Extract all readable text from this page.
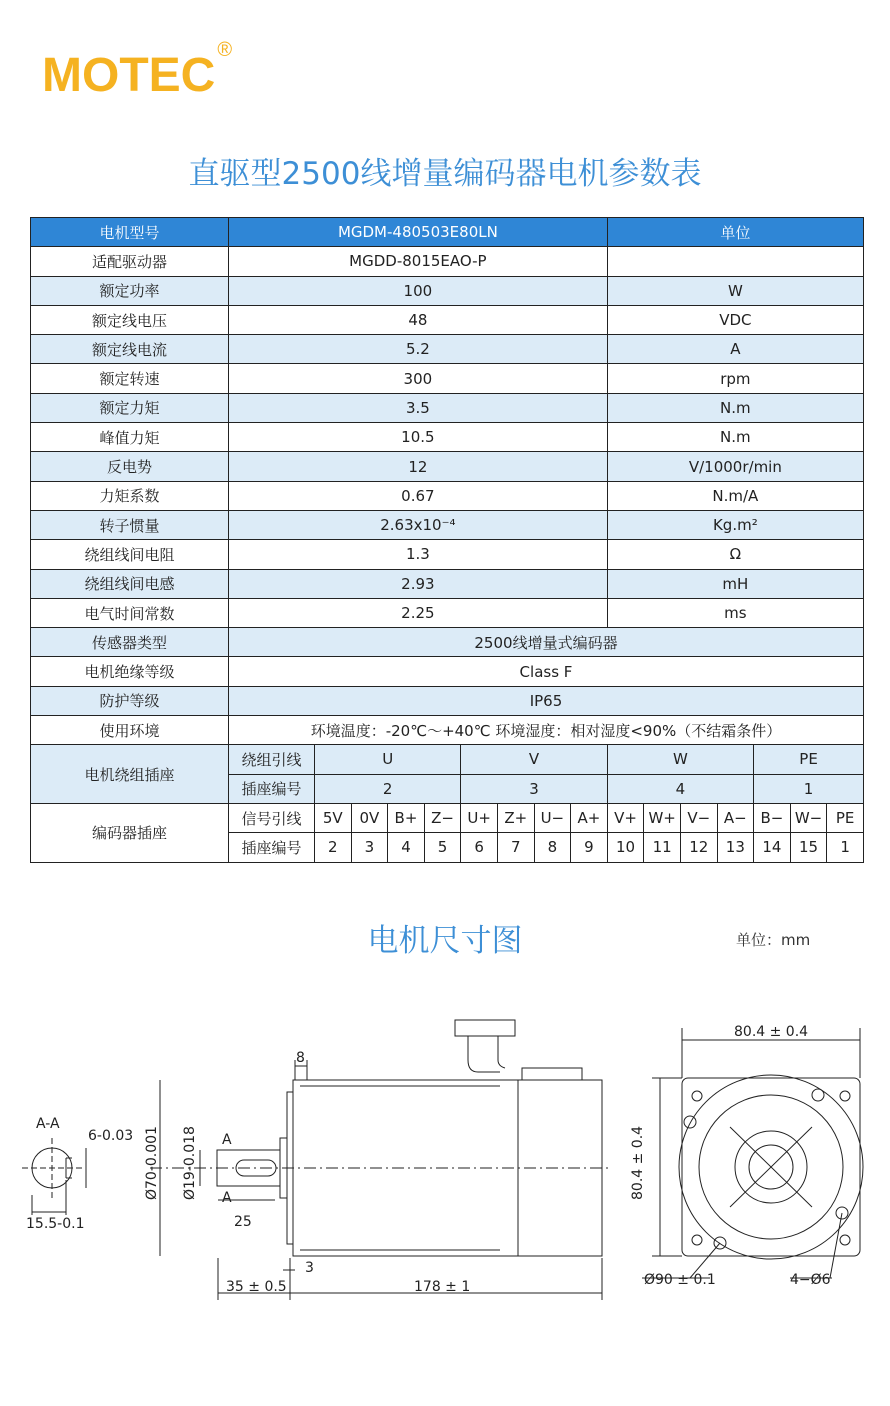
MOTEC ®
直驱型2500线增量编码器电机参数表
电机型号	MGDM-480503E80LN									单位						
适配驱动器	MGDD-8015EAO-P															
额定功率	100									W						
额定线电压	48									VDC						
额定线电流	5.2									A						
额定转速	300									rpm						
额定力矩	3.5									N.m						
峰值力矩	10.5									N.m						
反电势	12									V/1000r/min						
力矩系数	0.67									N.m/A						
转子惯量	2.63x10⁻⁴									Kg.m²						
绕组线间电阻	1.3									Ω						
绕组线间电感	2.93									mH						
电气时间常数	2.25									ms						
传感器类型	2500线增量式编码器															
电机绝缘等级	Class F															
防护等级	IP65															
使用环境	环境温度：-20℃～+40℃ 环境湿度：相对湿度<90%（不结霜条件）															
电机绕组插座	绕组引线	U				V				W				PE		
	插座编号	2				3				4				1		
编码器插座	信号引线	5V	0V	B+	Z−	U+	Z+	U−	A+	V+	W+	V−	A−	B−	W−	PE
	插座编号	2	3	4	5	6	7	8	9	10	11	12	13	14	15	1
电机尺寸图	单位：mm
A-A
6-0.03
15.5-0.1
8
Ø70-0.001 Ø19-0.018 A
A
25
3
35 ± 0.5	178 ± 1
80.4 ± 0.4
80.4 ± 0.4
Ø90 ± 0.1	4−Ø6
